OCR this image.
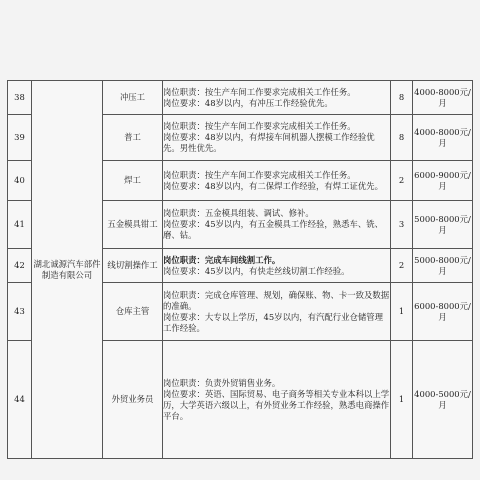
38	湖北诚源汽车部件制造有限公司	冲压工	岗位职责：按生产车间工作要求完成相关工作任务。
岗位要求：48岁以内，有冲压工作经验优先。	8	4000-8000元/月
39		普工	岗位职责：按生产车间工作要求完成相关工作任务。
岗位要求：48岁以内，有焊接车间机器人摆模工作经验优先。男性优先。	8	4000-8000元/月
40		焊工	岗位职责：按生产车间工作要求完成相关工作任务。
岗位要求：48岁以内，有二保焊工作经验，有焊工证优先。	2	6000-9000元/月
41		五金模具钳工	岗位职责：五金模具组装、调试、修补。
岗位要求：45岁以内，有五金模具工作经验，熟悉车、铣、磨、钻。	3	5000-8000元/月
42		线切割操作工	岗位职责：完成车间线割工作。
岗位要求：45岁以内，有快走丝线切割工作经验。	2	5000-8000元/月
43		仓库主管	岗位职责：完成仓库管理、规划，确保账、物、卡一致及数据的准确。
岗位要求：大专以上学历，45岁以内，有汽配行业仓储管理工作经验。	1	6000-8000元/月
44		外贸业务员	岗位职责：负责外贸销售业务。
岗位要求：英语、国际贸易、电子商务等相关专业本科以上学历，大学英语六级以上，有外贸业务工作经验，熟悉电商操作平台。	1	4000-5000元/月
